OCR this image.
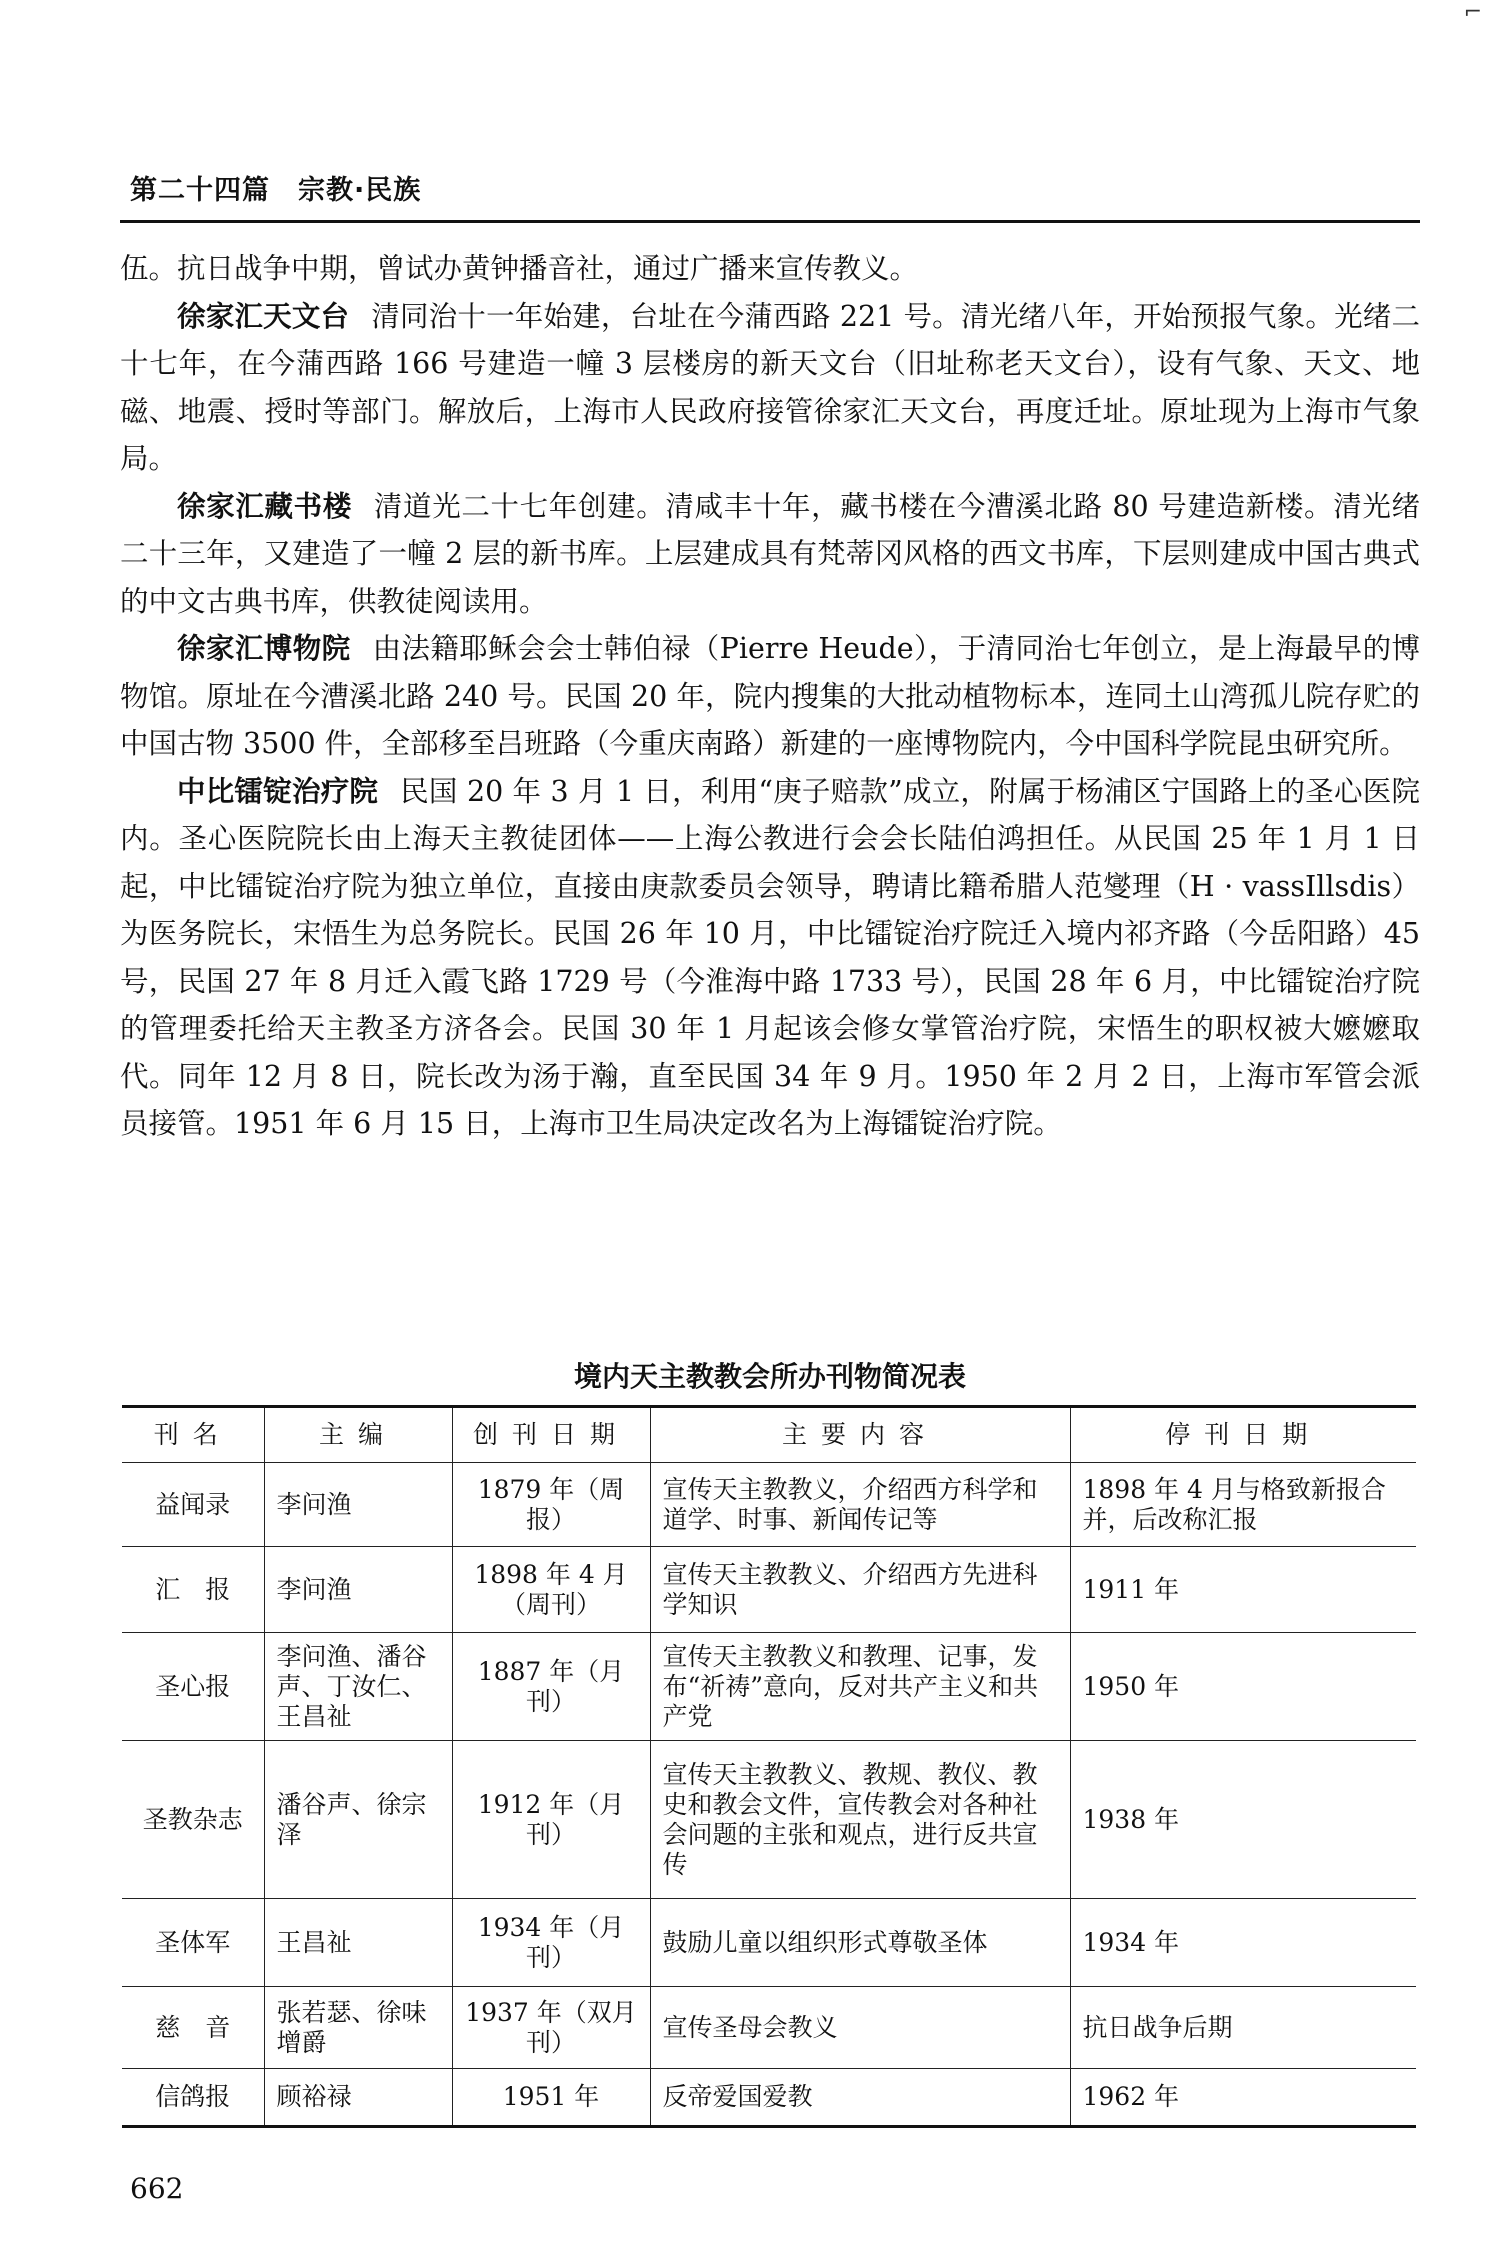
⌐
第二十四篇　宗教·民族

伍。抗日战争中期，曾试办黄钟播音社，通过广播来宣传教义。

徐家汇天文台 清同治十一年始建，台址在今蒲西路 221 号。清光绪八年，开始预报气象。光绪二十七年，在今蒲西路 166 号建造一幢 3 层楼房的新天文台（旧址称老天文台），设有气象、天文、地磁、地震、授时等部门。解放后，上海市人民政府接管徐家汇天文台，再度迁址。原址现为上海市气象局。

徐家汇藏书楼 清道光二十七年创建。清咸丰十年，藏书楼在今漕溪北路 80 号建造新楼。清光绪二十三年，又建造了一幢 2 层的新书库。上层建成具有梵蒂冈风格的西文书库，下层则建成中国古典式的中文古典书库，供教徒阅读用。

徐家汇博物院 由法籍耶稣会会士韩伯禄（Pierre Heude），于清同治七年创立，是上海最早的博物馆。原址在今漕溪北路 240 号。民国 20 年，院内搜集的大批动植物标本，连同土山湾孤儿院存贮的中国古物 3500 件，全部移至吕班路（今重庆南路）新建的一座博物院内，今中国科学院昆虫研究所。

中比镭锭治疗院 民国 20 年 3 月 1 日，利用“庚子赔款”成立，附属于杨浦区宁国路上的圣心医院内。圣心医院院长由上海天主教徒团体——上海公教进行会会长陆伯鸿担任。从民国 25 年 1 月 1 日起，中比镭锭治疗院为独立单位，直接由庚款委员会领导，聘请比籍希腊人范燮理（H · vassIllsdis）为医务院长，宋悟生为总务院长。民国 26 年 10 月，中比镭锭治疗院迁入境内祁齐路（今岳阳路）45 号，民国 27 年 8 月迁入霞飞路 1729 号（今淮海中路 1733 号），民国 28 年 6 月，中比镭锭治疗院的管理委托给天主教圣方济各会。民国 30 年 1 月起该会修女掌管治疗院，宋悟生的职权被大嬷嬷取代。同年 12 月 8 日，院长改为汤于瀚，直至民国 34 年 9 月。1950 年 2 月 2 日，上海市军管会派员接管。1951 年 6 月 15 日，上海市卫生局决定改名为上海镭锭治疗院。

境内天主教教会所办刊物简况表
刊名	主编	创刊日期	主要内容	停刊日期
益闻录	李问渔	1879 年（周报）	宣传天主教教义，介绍西方科学和道学、时事、新闻传记等	1898 年 4 月与格致新报合并，后改称汇报
汇　报	李问渔	1898 年 4 月（周刊）	宣传天主教教义、介绍西方先进科学知识	1911 年
圣心报	李问渔、潘谷声、丁汝仁、王昌祉	1887 年（月刊）	宣传天主教教义和教理、记事，发布“祈祷”意向，反对共产主义和共产党	1950 年
圣教杂志	潘谷声、徐宗泽	1912 年（月刊）	宣传天主教教义、教规、教仪、教史和教会文件，宣传教会对各种社会问题的主张和观点，进行反共宣传	1938 年
圣体军	王昌祉	1934 年（月刊）	鼓励儿童以组织形式尊敬圣体	1934 年
慈　音	张若瑟、徐味增爵	1937 年（双月刊）	宣传圣母会教义	抗日战争后期
信鸽报	顾裕禄	1951 年	反帝爱国爱教	1962 年
662
